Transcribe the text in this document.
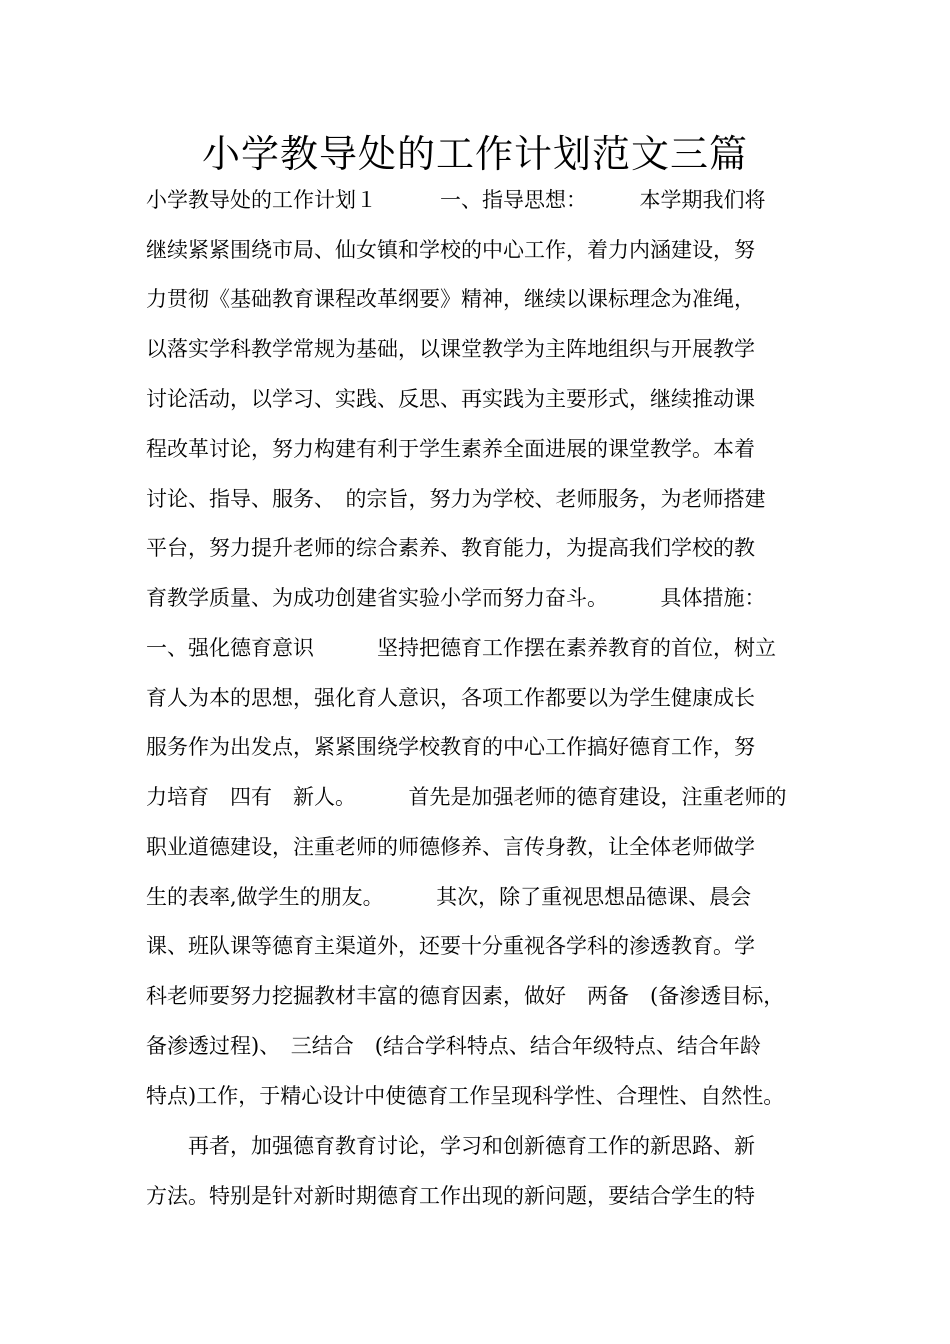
小学教导处的工作计划范文三篇

小学教导处的工作计划１　　　一、指导思想：　　　本学期我们将

继续紧紧围绕市局、仙女镇和学校的中心工作，着力内涵建设，努

力贯彻《基础教育课程改革纲要》精神，继续以课标理念为准绳，

以落实学科教学常规为基础，以课堂教学为主阵地组织与开展教学

讨论活动，以学习、实践、反思、再实践为主要形式，继续推动课

程改革讨论，努力构建有利于学生素养全面进展的课堂教学。本着

讨论、指导、服务、　的宗旨，努力为学校、老师服务，为老师搭建

平台，努力提升老师的综合素养、教育能力，为提高我们学校的教

育教学质量、为成功创建省实验小学而努力奋斗。　　　具体措施：

一、强化德育意识　　　坚持把德育工作摆在素养教育的首位，树立

育人为本的思想，强化育人意识，各项工作都要以为学生健康成长

服务作为出发点，紧紧围绕学校教育的中心工作搞好德育工作，努

力培育　四有　新人。　　　首先是加强老师的德育建设，注重老师的

职业道德建设，注重老师的师德修养、言传身教，让全体老师做学

生的表率,做学生的朋友。　　　其次，除了重视思想品德课、晨会

课、班队课等德育主渠道外，还要十分重视各学科的渗透教育。学

科老师要努力挖掘教材丰富的德育因素，做好　两备　(备渗透目标，

备渗透过程)、　三结合　(结合学科特点、结合年级特点、结合年龄

特点)工作，于精心设计中使德育工作呈现科学性、合理性、自然性。

　　再者，加强德育教育讨论，学习和创新德育工作的新思路、新

方法。特别是针对新时期德育工作出现的新问题，要结合学生的特
